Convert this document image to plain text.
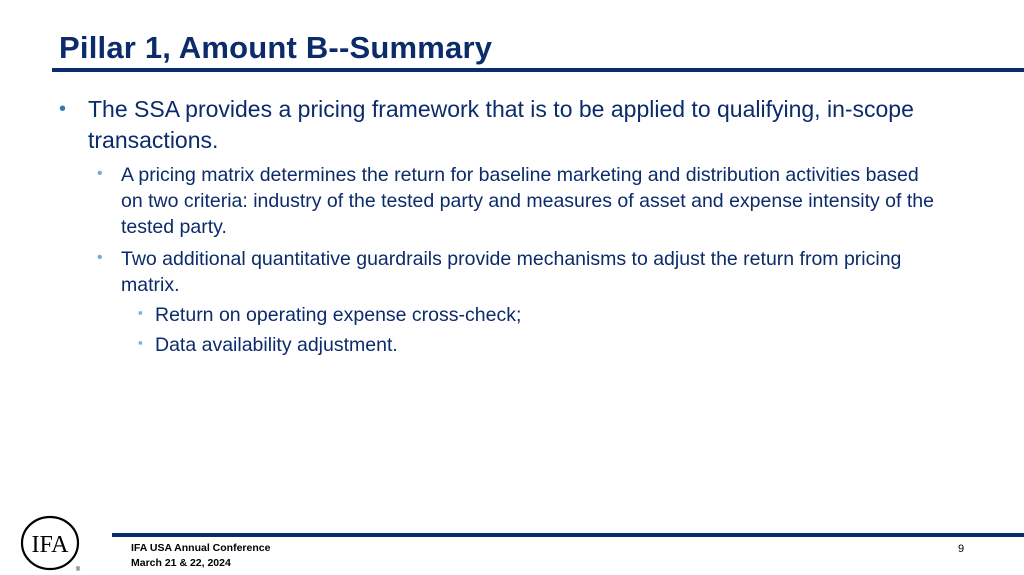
Pillar 1, Amount B--Summary
• The SSA provides a pricing framework that is to be applied to qualifying, in-scope transactions.
• A pricing matrix determines the return for baseline marketing and distribution activities based on two criteria: industry of the tested party and measures of asset and expense intensity of the tested party.
• Two additional quantitative guardrails provide mechanisms to adjust the return from pricing matrix.
▪ Return on operating expense cross-check;
▪ Data availability adjustment.
IFA
®
IFA USA Annual Conference
March 21 & 22, 2024
9
